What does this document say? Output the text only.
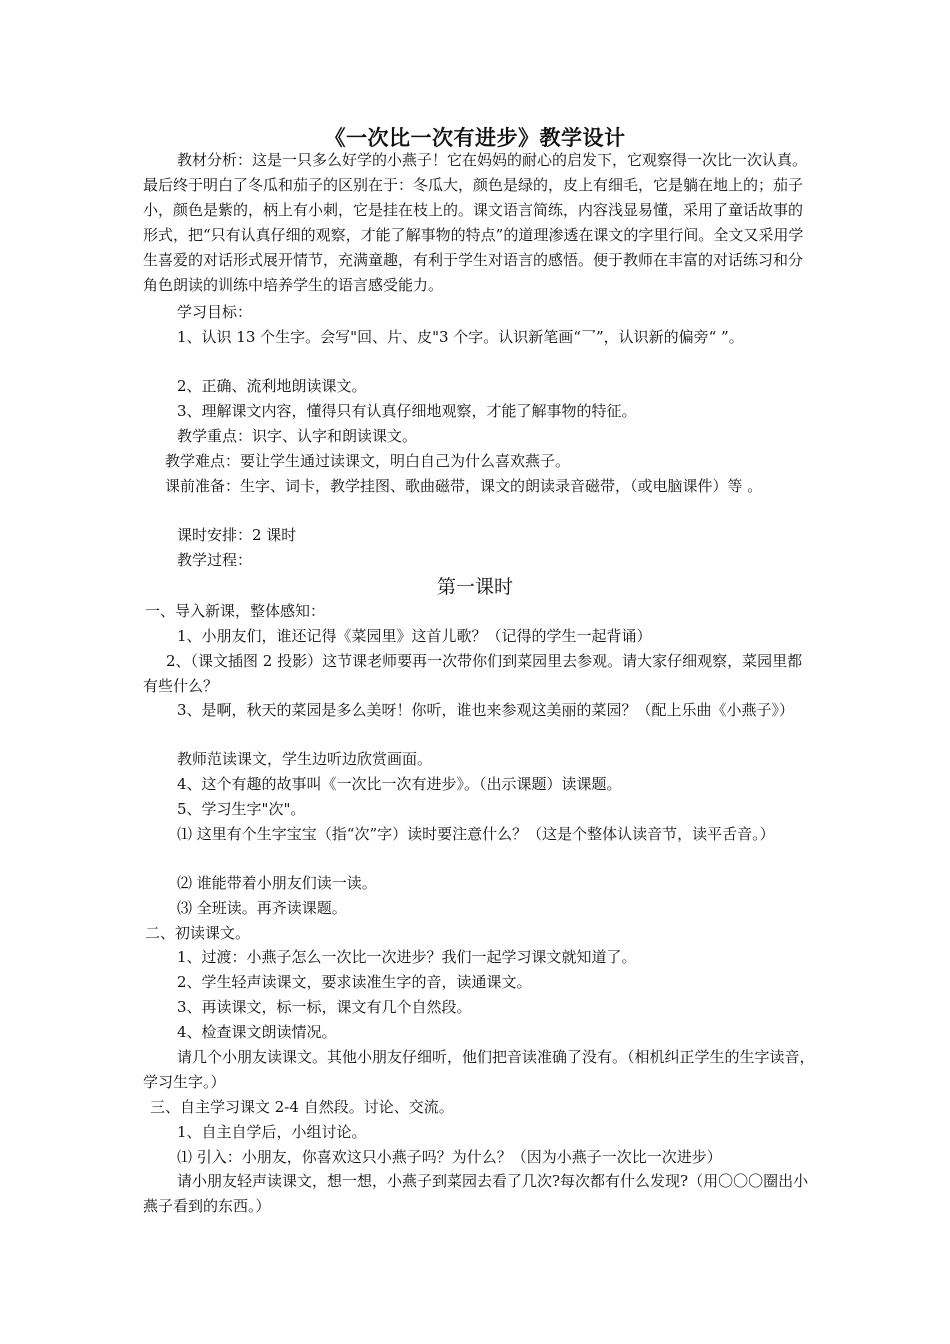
《一次比一次有进步》教学设计
教材分析：这是一只多么好学的小燕子！它在妈妈的耐心的启发下，它观察得一次比一次认真。最后终于明白了冬瓜和茄子的区别在于：冬瓜大，颜色是绿的，皮上有细毛，它是躺在地上的；茄子小，颜色是紫的，柄上有小刺，它是挂在枝上的。课文语言简练，内容浅显易懂，采用了童话故事的形式，把“只有认真仔细的观察，才能了解事物的特点”的道理渗透在课文的字里行间。全文又采用学生喜爱的对话形式展开情节，充满童趣，有利于学生对语言的感悟。便于教师在丰富的对话练习和分角色朗读的训练中培养学生的语言感受能力。
学习目标：
1、认识 13 个生字。会写"回、片、皮"3 个字。认识新笔画“乛”，认识新的偏旁“ ”。
2、正确、流利地朗读课文。
3、理解课文内容，懂得只有认真仔细地观察，才能了解事物的特征。
教学重点：识字、认字和朗读课文。
教学难点：要让学生通过读课文，明白自己为什么喜欢燕子。
课前准备：生字、词卡，教学挂图、歌曲磁带，课文的朗读录音磁带，（或电脑课件）等 。
课时安排：2 课时
教学过程：
第一课时
一、导入新课，整体感知：
1、小朋友们，谁还记得《菜园里》这首儿歌？（记得的学生一起背诵）
2、（课文插图 2 投影）这节课老师要再一次带你们到菜园里去参观。请大家仔细观察，菜园里都有些什么？
3、是啊，秋天的菜园是多么美呀！你听，谁也来参观这美丽的菜园？（配上乐曲《小燕子》）
教师范读课文，学生边听边欣赏画面。
4、这个有趣的故事叫《一次比一次有进步》。（出示课题）读课题。
5、学习生字"次"。
⑴ 这里有个生字宝宝（指“次”字）读时要注意什么？（这是个整体认读音节，读平舌音。）
⑵ 谁能带着小朋友们读一读。
⑶ 全班读。再齐读课题。
二、初读课文。
1、过渡：小燕子怎么一次比一次进步？我们一起学习课文就知道了。
2、学生轻声读课文，要求读准生字的音，读通课文。
3、再读课文，标一标，课文有几个自然段。
4、检查课文朗读情况。
请几个小朋友读课文。其他小朋友仔细听，他们把音读准确了没有。（相机纠正学生的生字读音，学习生字。）
三、自主学习课文 2-4 自然段。讨论、交流。
1、自主自学后，小组讨论。
⑴ 引入：小朋友，你喜欢这只小燕子吗？为什么？（因为小燕子一次比一次进步）
请小朋友轻声读课文，想一想，小燕子到菜园去看了几次?每次都有什么发现?（用〇〇〇圈出小燕子看到的东西。）
